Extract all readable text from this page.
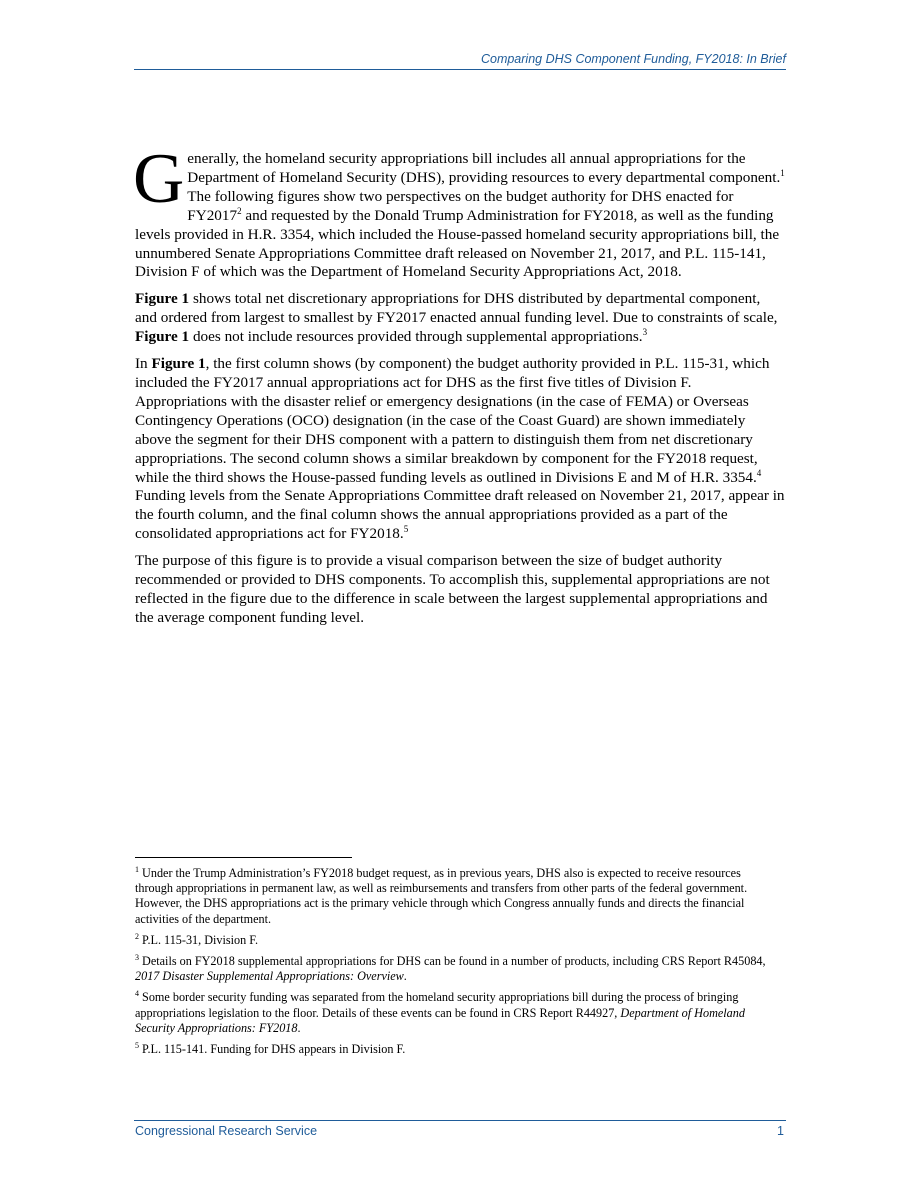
Comparing DHS Component Funding, FY2018: In Brief

Generally, the homeland security appropriations bill includes all annual appropriations for the Department of Homeland Security (DHS), providing resources to every departmental component.$^1$ The following figures show two perspectives on the budget authority for DHS enacted for FY2017$^2$ and requested by the Donald Trump Administration for FY2018, as well as the funding levels provided in H.R. 3354, which included the House-passed homeland security appropriations bill, the unnumbered Senate Appropriations Committee draft released on November 21, 2017, and P.L. 115-141, Division F of which was the Department of Homeland Security Appropriations Act, 2018.

Figure 1 shows total net discretionary appropriations for DHS distributed by departmental component, and ordered from largest to smallest by FY2017 enacted annual funding level. Due to constraints of scale, Figure 1 does not include resources provided through supplemental appropriations.$^3$

In Figure 1, the first column shows (by component) the budget authority provided in P.L. 115-31, which included the FY2017 annual appropriations act for DHS as the first five titles of Division F. Appropriations with the disaster relief or emergency designations (in the case of FEMA) or Overseas Contingency Operations (OCO) designation (in the case of the Coast Guard) are shown immediately above the segment for their DHS component with a pattern to distinguish them from net discretionary appropriations. The second column shows a similar breakdown by component for the FY2018 request, while the third shows the House-passed funding levels as outlined in Divisions E and M of H.R. 3354.$^4$ Funding levels from the Senate Appropriations Committee draft released on November 21, 2017, appear in the fourth column, and the final column shows the annual appropriations provided as a part of the consolidated appropriations act for FY2018.$^5$

The purpose of this figure is to provide a visual comparison between the size of budget authority recommended or provided to DHS components. To accomplish this, supplemental appropriations are not reflected in the figure due to the difference in scale between the largest supplemental appropriations and the average component funding level.

$^1$ Under the Trump Administration’s FY2018 budget request, as in previous years, DHS also is expected to receive resources through appropriations in permanent law, as well as reimbursements and transfers from other parts of the federal government. However, the DHS appropriations act is the primary vehicle through which Congress annually funds and directs the financial activities of the department.
$^2$ P.L. 115-31, Division F.
$^3$ Details on FY2018 supplemental appropriations for DHS can be found in a number of products, including CRS Report R45084, 2017 Disaster Supplemental Appropriations: Overview.
$^4$ Some border security funding was separated from the homeland security appropriations bill during the process of bringing appropriations legislation to the floor. Details of these events can be found in CRS Report R44927, Department of Homeland Security Appropriations: FY2018.
$^5$ P.L. 115-141. Funding for DHS appears in Division F.
Congressional Research Service	1
